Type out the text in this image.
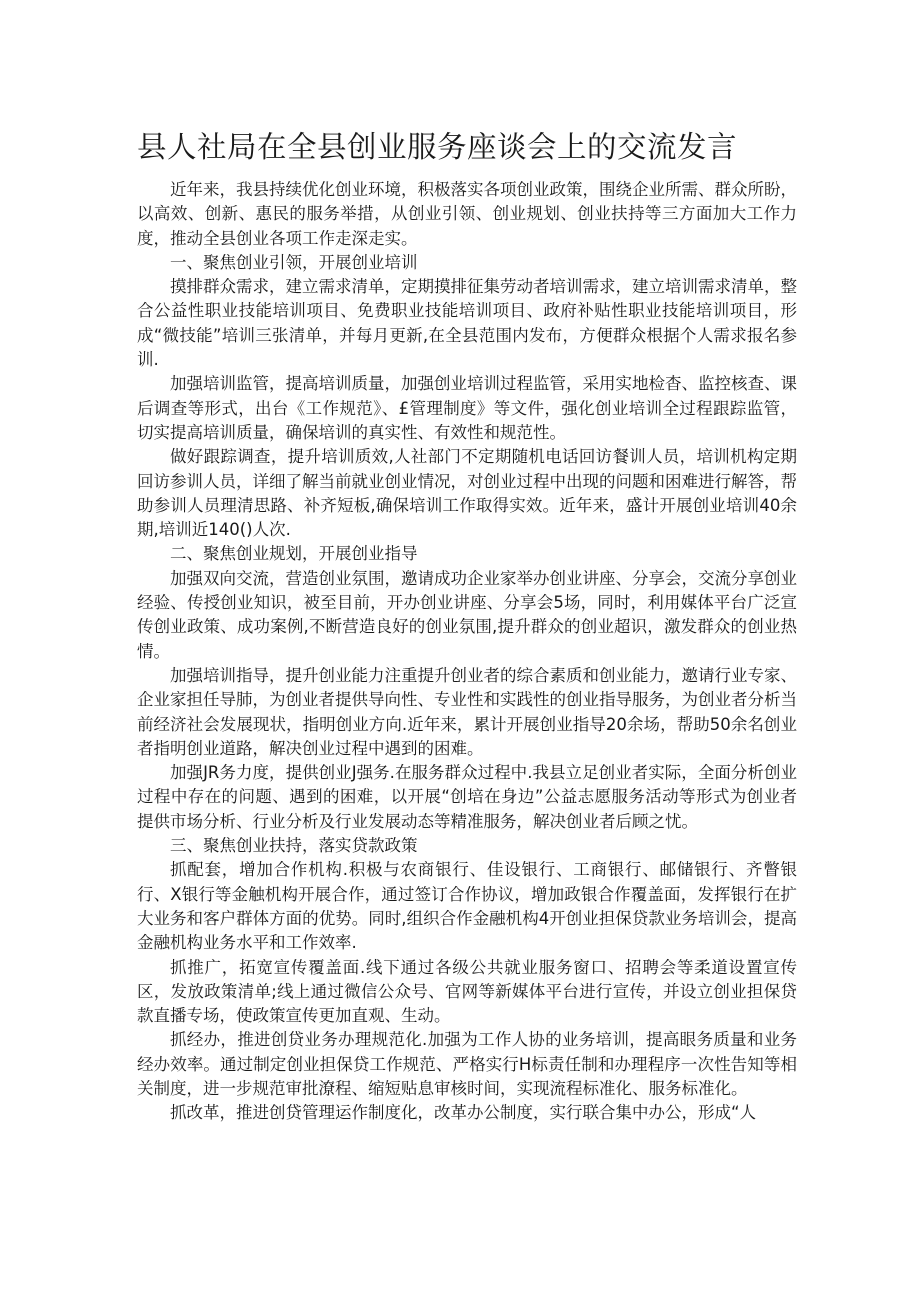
县人社局在全县创业服务座谈会上的交流发言

近年来，我县持续优化创业环境，积极落实各项创业政策，围绕企业所需、群众所盼，以高效、创新、惠民的服务举措，从创业引领、创业规划、创业扶持等三方面加大工作力度，推动全县创业各项工作走深走实。

一、聚焦创业引领，开展创业培训

摸排群众需求，建立需求清单，定期摸排征集劳动者培训需求，建立培训需求清单，整合公益性职业技能培训项目、免费职业技能培训项目、政府补贴性职业技能培训项目，形成“微技能”培训三张清单，并每月更新,在全县范围内发布，方便群众根据个人需求报名参训.

加强培训监管，提高培训质量，加强创业培训过程监管，采用实地检杳、监控核查、课后调查等形式，出台《工作规范》、£管理制度》等文件，强化创业培训全过程跟踪监管，切实提高培训质量，确保培训的真实性、有效性和规范性。

做好跟踪调查，提升培训质效,人社部门不定期随机电话回访餐训人员，培训机构定期回访参训人员，详细了解当前就业创业情况，对创业过程中出现的问题和困难进行解答，帮助参训人员理清思路、补齐短板,确保培训工作取得实效。近年来，盛计开展创业培训40余期,培训近140()人次.

二、聚焦创业规划，开展创业指导

加强双向交流，营造创业氛围，邀请成功企业家举办创业讲座、分享会，交流分享创业经验、传授创业知识，被至目前，开办创业讲座、分享会5场，同时，利用媒体平台广泛宣传创业政策、成功案例,不断营造良好的创业氛围,提升群众的创业超识，激发群众的创业热情。

加强培训指导，提升创业能力注重提升创业者的综合素质和创业能力，邀请行业专家、企业家担任导肺，为创业者提供导向性、专业性和实践性的创业指导服务，为创业者分析当前经济社会发展现状，指明创业方向.近年来，累计开展创业指导20余场，帮助50余名创业者指明创业道路，解决创业过程中遇到的困难。

加强JR务力度，提供创业J强务.在服务群众过程中.我县立足创业者实际，全面分析创业过程中存在的问题、遇到的困难，以开展“创培在身边”公益志愿服务活动等形式为创业者提供市场分析、行业分析及行业发展动态等精准服务，解决创业者后顾之忧。

三、聚焦创业扶持，落实贷款政策

抓配套，增加合作机构.积极与农商银行、佳设银行、工商银行、邮储银行、齐瞥银行、X银行等金触机构开展合作，通过签订合作协议，增加政银合作覆盖面，发挥银行在扩大业务和客户群体方面的优势。同时,组织合作金融机构4开创业担保贷款业务培训会，提高金融机构业务水平和工作效率.

抓推广，拓宽宣传覆盖面.线下通过各级公共就业服务窗口、招聘会等柔道设置宣传区，发放政策清单;线上通过微信公众号、官网等新媒体平台进行宣传，并设立创业担保贷款直播专场，使政策宣传更加直观、生动。

抓经办，推进创贷业务办理规范化.加强为工作人协的业务培训，提高眼务质量和业务经办效率。通过制定创业担保贷工作规范、严格实行H标责任制和办理程序一次性告知等相关制度，进一步规范审批潦程、缩短贴息审核时间，实现流程标准化、服务标准化。

抓改革，推进创贷管理运作制度化，改革办公制度，实行联合集中办公，形成“人
